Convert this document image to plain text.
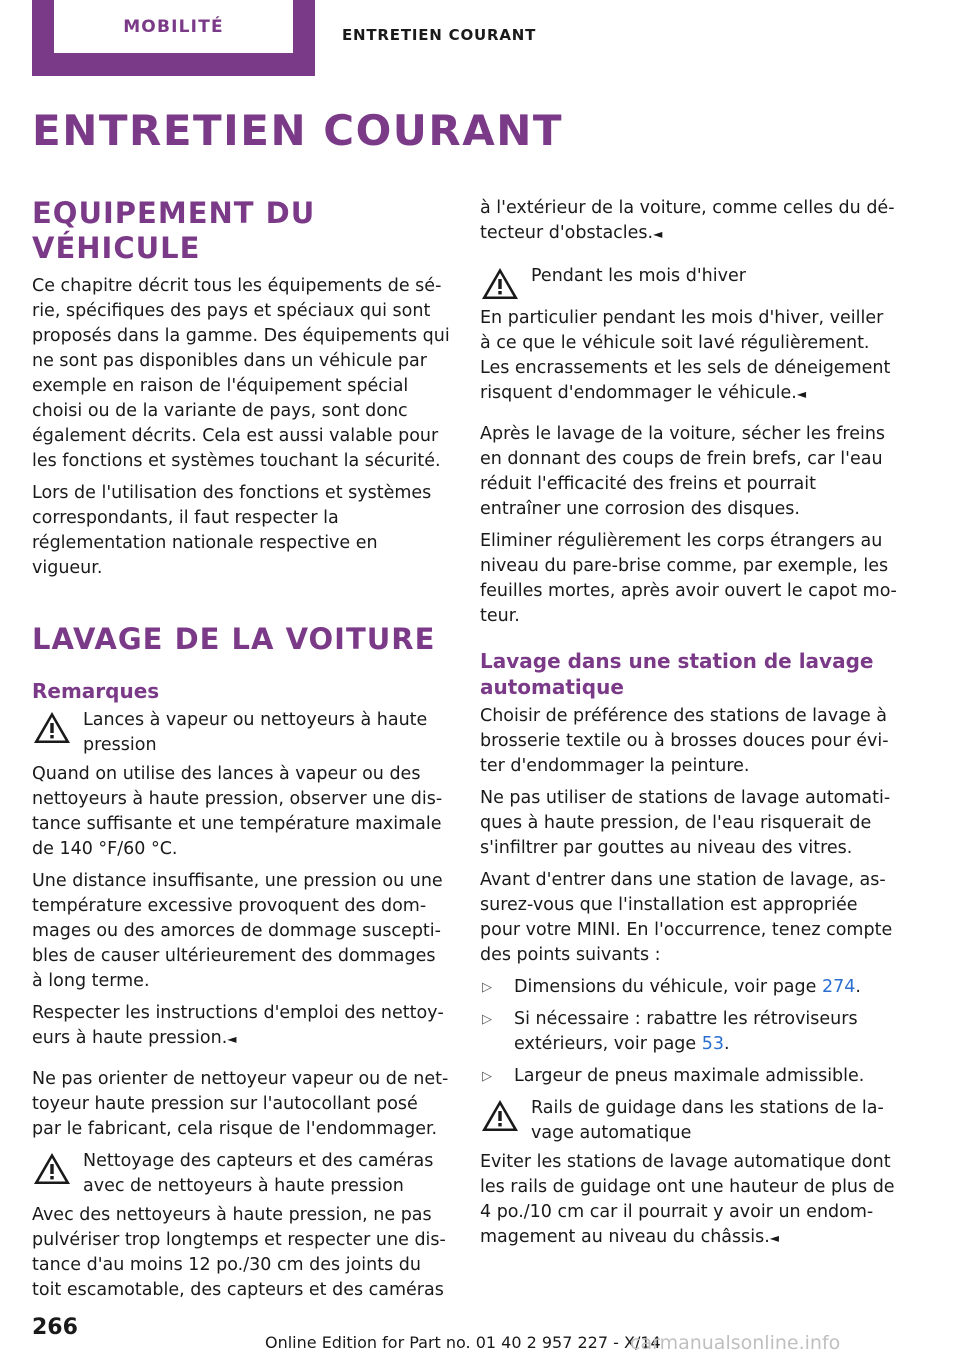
MOBILITÉ	ENTRETIEN COURANT
ENTRETIEN COURANT
EQUIPEMENT DU VÉHICULE

Ce chapitre décrit tous les équipements de série, spécifiques des pays et spéciaux qui sont proposés dans la gamme. Des équipements qui ne sont pas disponibles dans un véhicule par exemple en raison de l'équipement spécial choisi ou de la variante de pays, sont donc également décrits. Cela est aussi valable pour les fonctions et systèmes touchant la sécurité.

Lors de l'utilisation des fonctions et systèmes correspondants, il faut respecter la réglementation nationale respective en vigueur.

LAVAGE DE LA VOITURE
Remarques
Lances à vapeur ou nettoyeurs à haute pression

Quand on utilise des lances à vapeur ou des nettoyeurs à haute pression, observer une distance suffisante et une température maximale de 140 °F/60 °C.

Une distance insuffisante, une pression ou une température excessive provoquent des dommages ou des amorces de dommage susceptibles de causer ultérieurement des dommages à long terme.

Respecter les instructions d'emploi des nettoyeurs à haute pression.◄

Ne pas orienter de nettoyeur vapeur ou de nettoyeur haute pression sur l'autocollant posé par le fabricant, cela risque de l'endommager.

Nettoyage des capteurs et des caméras avec de nettoyeurs à haute pression

Avec des nettoyeurs à haute pression, ne pas pulvériser trop longtemps et respecter une distance d'au moins 12 po./30 cm des joints du toit escamotable, des capteurs et des caméras

à l'extérieur de la voiture, comme celles du détecteur d'obstacles.◄

Pendant les mois d'hiver

En particulier pendant les mois d'hiver, veiller à ce que le véhicule soit lavé régulièrement. Les encrassements et les sels de déneigement risquent d'endommager le véhicule.◄

Après le lavage de la voiture, sécher les freins en donnant des coups de frein brefs, car l'eau réduit l'efficacité des freins et pourrait entraîner une corrosion des disques.

Eliminer régulièrement les corps étrangers au niveau du pare-brise comme, par exemple, les feuilles mortes, après avoir ouvert le capot moteur.

Lavage dans une station de lavage automatique

Choisir de préférence des stations de lavage à brosserie textile ou à brosses douces pour éviter d'endommager la peinture.

Ne pas utiliser de stations de lavage automatiques à haute pression, de l'eau risquerait de s'infiltrer par gouttes au niveau des vitres.

Avant d'entrer dans une station de lavage, assurez-vous que l'installation est appropriée pour votre MINI. En l'occurrence, tenez compte des points suivants :

▷ Dimensions du véhicule, voir page 274.
▷ Si nécessaire : rabattre les rétroviseurs extérieurs, voir page 53.
▷ Largeur de pneus maximale admissible.
Rails de guidage dans les stations de lavage automatique

Eviter les stations de lavage automatique dont les rails de guidage ont une hauteur de plus de 4 po./10 cm car il pourrait y avoir un endommagement au niveau du châssis.◄

266
Online Edition for Part no. 01 40 2 957 227 - X/14
carmanualsonline.info
